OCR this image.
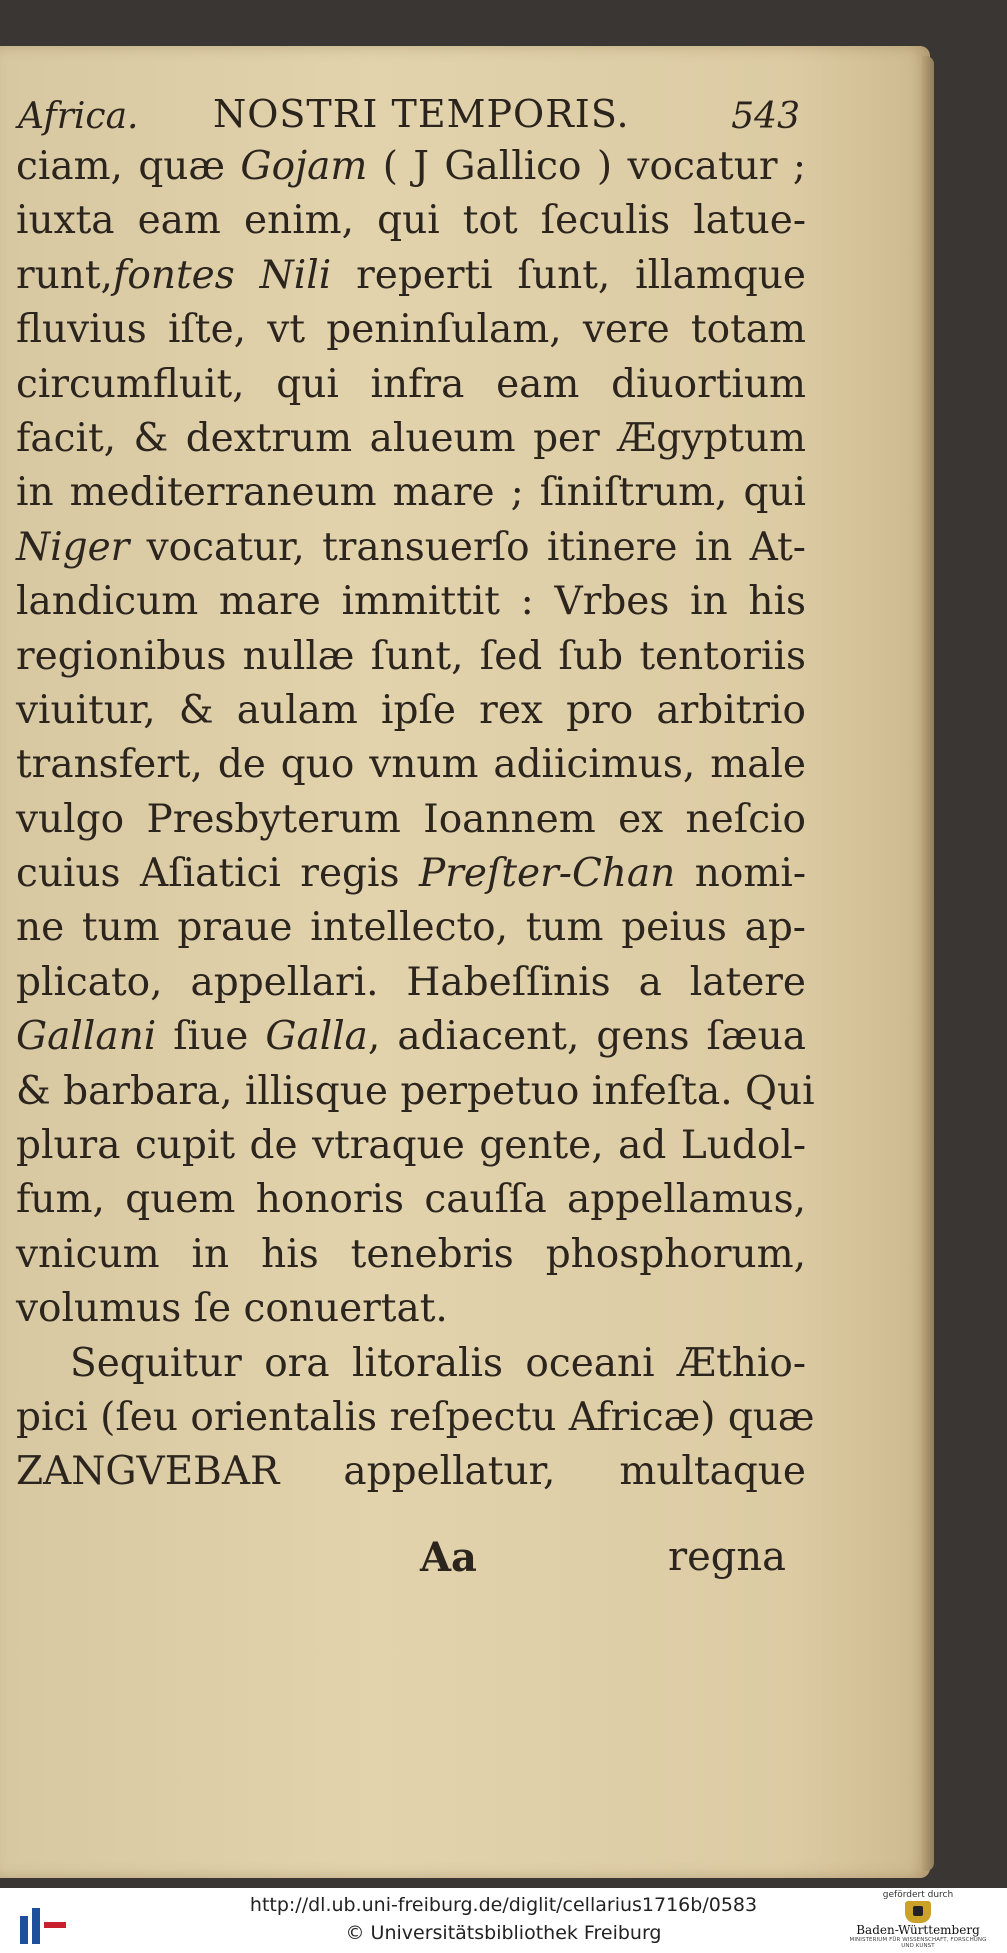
Africa. NOSTRI TEMPORIS.	543
ciam, quæ Gojam ( J Gallico ) vocatur ;
iuxta eam enim, qui tot ſeculis latue-
runt,fontes Nili reperti ſunt, illamque
fluvius iſte, vt peninſulam, vere totam
circumfluit, qui infra eam diuortium
facit, & dextrum alueum per Ægyptum
in mediterraneum mare ; ſiniſtrum, qui
Niger vocatur, transuerſo itinere in At-
landicum mare immittit : Vrbes in his
regionibus nullæ ſunt, ſed ſub tentoriis
viuitur, & aulam ipſe rex pro arbitrio
transfert, de quo vnum adiicimus, male
vulgo Presbyterum Ioannem ex neſcio
cuius Aſiatici regis Preſter-Chan nomi-
ne tum praue intellecto, tum peius ap-
plicato, appellari. Habeſſinis a latere
Gallani ſiue Galla, adiacent, gens ſæua
& barbara, illisque perpetuo infeſta. Qui
plura cupit de vtraque gente, ad Ludol-
fum, quem honoris cauſſa appellamus,
vnicum in his tenebris phosphorum,
volumus ſe conuertat.
Sequitur ora litoralis oceani Æthio-
pici (ſeu orientalis reſpectu Africæ) quæ
ZANGVEBAR appellatur, multaque
Aa	regna
http://dl.ub.uni-freiburg.de/diglit/cellarius1716b/0583
© Universitätsbibliothek Freiburg
gefördert durch
Baden-Württemberg
MINISTERIUM FÜR WISSENSCHAFT, FORSCHUNG UND KUNST
